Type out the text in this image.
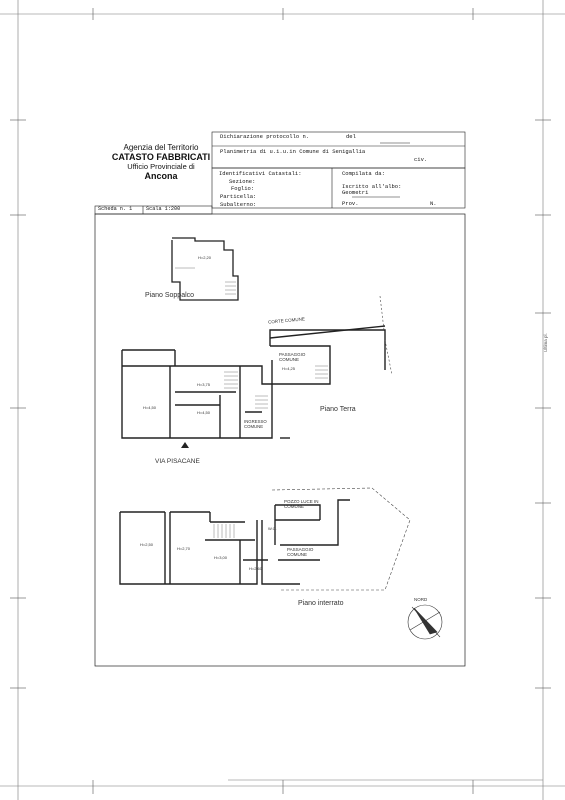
Agenzia del Territorio
CATASTO FABBRICATI
Ufficio Provinciale di
Ancona
Dichiarazione protocollo n.	del
Planimetria di u.i.u.in Comune di Senigallia
civ.
Identificativi Catastali:
Sezione:
Foglio:
Particella:
Subalterno:
Compilata da:
Iscritto all'albo:
Geometri
Prov.	N.
Scheda n. 1	Scala 1:200
Piano Soppalco
Piano Terra
Piano interrato
VIA PISACANE
CORTE COMUNE
PASSAGGIO COMUNE
INGRESSO COMUNE
POZZO LUCE IN COMUNE
PASSAGGIO COMUNE
NORD
H=2,20
H=4,50
H=3,75
H=4,50
H=4,25
H=2,50
H=2,70
H=3,00
H=2,60
W.C.
Ultima pl.
